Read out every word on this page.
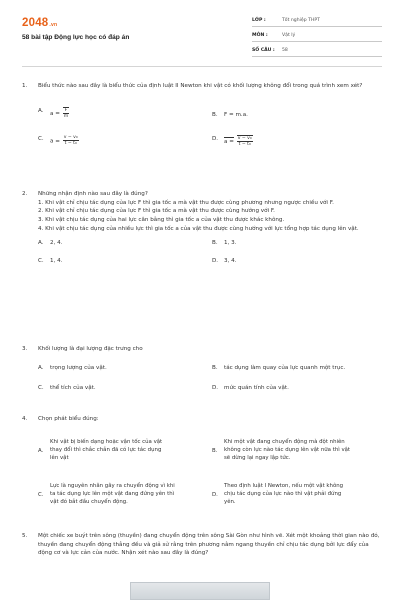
2048.vn
58 bài tập Động lực học có đáp án
LỚP :	Tốt nghiệp THPT
MÔN :	Vật lý
SỐ CÂU :	58
1.	Biểu thức nào sau đây là biểu thức của định luật II Newton khi vật có khối lượng không đổi trong quá trình xem xét?
A.	$a = \frac{F}{m}$	B.	F = m.a.
C.	$a = \frac{\text{v − v₀}}{\text{t − t₀}}$	D.	$a = \frac{\text{v − v₀}}{\text{t − t₀}}$
2.	Những nhận định nào sau đây là đúng?
1. Khi vật chỉ chịu tác dụng của lực F thì gia tốc a mà vật thu được cùng phương nhưng ngược chiều với F.
2. Khi vật chỉ chịu tác dụng của lực F thì gia tốc a mà vật thu được cùng hướng với F.
3. Khi vật chịu tác dụng của hai lực cân bằng thì gia tốc a của vật thu được khác không.
4. Khi vật chịu tác dụng của nhiều lực thì gia tốc a của vật thu được cùng hướng với lực tổng hợp tác dụng lên vật.
A.	2, 4.	B.	1, 3.
C.	1, 4.	D.	3, 4.
3.	Khối lượng là đại lượng đặc trưng cho
A.	trọng lượng của vật.	B.	tác dụng làm quay của lực quanh một trục.
C.	thể tích của vật.	D.	mức quán tính của vật.
4.	Chọn phát biểu đúng:
A.
Khi vật bị biến dạng hoặc vận tốc của vật thay đổi thì chắc chắn đã có lực tác dụng lên vật
B.
Khi một vật đang chuyển động mà đột nhiên không còn lực nào tác dụng lên vật nữa thì vật sẽ dừng lại ngay lập tức.
C.
Lực là nguyên nhân gây ra chuyển động vì khi ta tác dụng lực lên một vật đang đứng yên thì vật đó bắt đầu chuyển động.
D.
Theo định luật I Newton, nếu một vật không chịu tác dụng của lực nào thì vật phải đứng yên.
5.	Một chiếc xe buýt trên sông (thuyền) đang chuyển động trên sông Sài Gòn như hình vẽ. Xét một khoảng thời gian nào đó, thuyền đang chuyển động thẳng đều và giả sử rằng trên phương nằm ngang thuyền chỉ chịu tác dụng bởi lực đẩy của động cơ và lực cản của nước. Nhận xét nào sau đây là đúng?
